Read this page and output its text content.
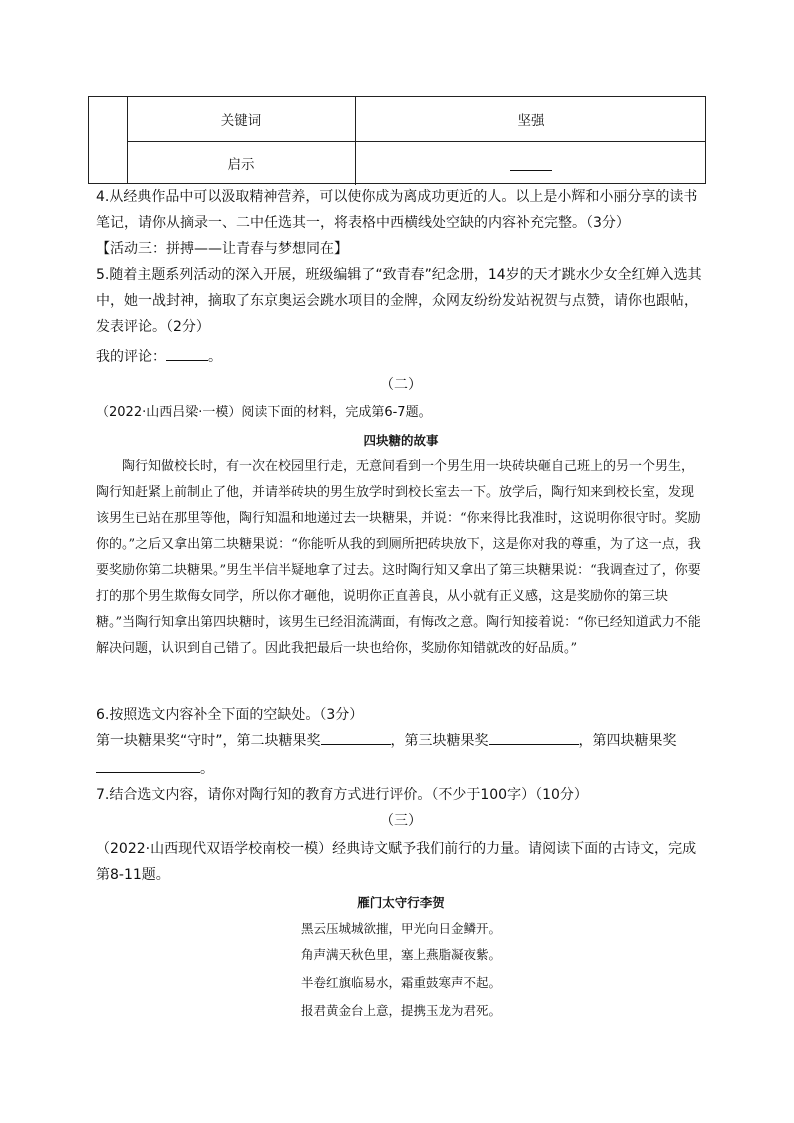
关键词	坚强
启示

4.从经典作品中可以汲取精神营养，可以使你成为离成功更近的人。以上是小辉和小丽分享的读书笔记，请你从摘录一、二中任选其一，将表格中西横线处空缺的内容补充完整。（3分）

【活动三：拼搏——让青春与梦想同在】

5.随着主题系列活动的深入开展，班级编辑了“致青春”纪念册，14岁的天才跳水少女全红婵入选其中，她一战封神，摘取了东京奥运会跳水项目的金牌，众网友纷纷发站祝贺与点赞，请你也跟帖，发表评论。（2分）

我的评论：	。

（二）

（2022·山西吕梁·一模）阅读下面的材料，完成第6-7题。

四块糖的故事

陶行知做校长时，有一次在校园里行走，无意间看到一个男生用一块砖块砸自己班上的另一个男生，陶行知赶紧上前制止了他，并请举砖块的男生放学时到校长室去一下。放学后，陶行知来到校长室，发现该男生已站在那里等他，陶行知温和地递过去一块糖果，并说：“你来得比我准时，这说明你很守时。奖励你的。”之后又拿出第二块糖果说：“你能听从我的到厕所把砖块放下，这是你对我的尊重，为了这一点，我要奖励你第二块糖果。”男生半信半疑地拿了过去。这时陶行知又拿出了第三块糖果说：“我调查过了，你要打的那个男生欺侮女同学，所以你才砸他，说明你正直善良，从小就有正义感，这是奖励你的第三块糖。”当陶行知拿出第四块糖时，该男生已经泪流满面，有悔改之意。陶行知接着说：“你已经知道武力不能解决问题，认识到自己错了。因此我把最后一块也给你，奖励你知错就改的好品质。”

6.按照选文内容补全下面的空缺处。（3分）

第一块糖果奖“守时”，第二块糖果奖	，第三块糖果奖	，第四块糖果奖

。

7.结合选文内容，请你对陶行知的教育方式进行评价。（不少于100字）（10分）

（三）

（2022·山西现代双语学校南校一模）经典诗文赋予我们前行的力量。请阅读下面的古诗文，完成第8-11题。

雁门太守行李贺

黑云压城城欲摧，甲光向日金鳞开。

角声满天秋色里，塞上燕脂凝夜紫。

半卷红旗临易水，霜重鼓寒声不起。

报君黄金台上意，提携玉龙为君死。
